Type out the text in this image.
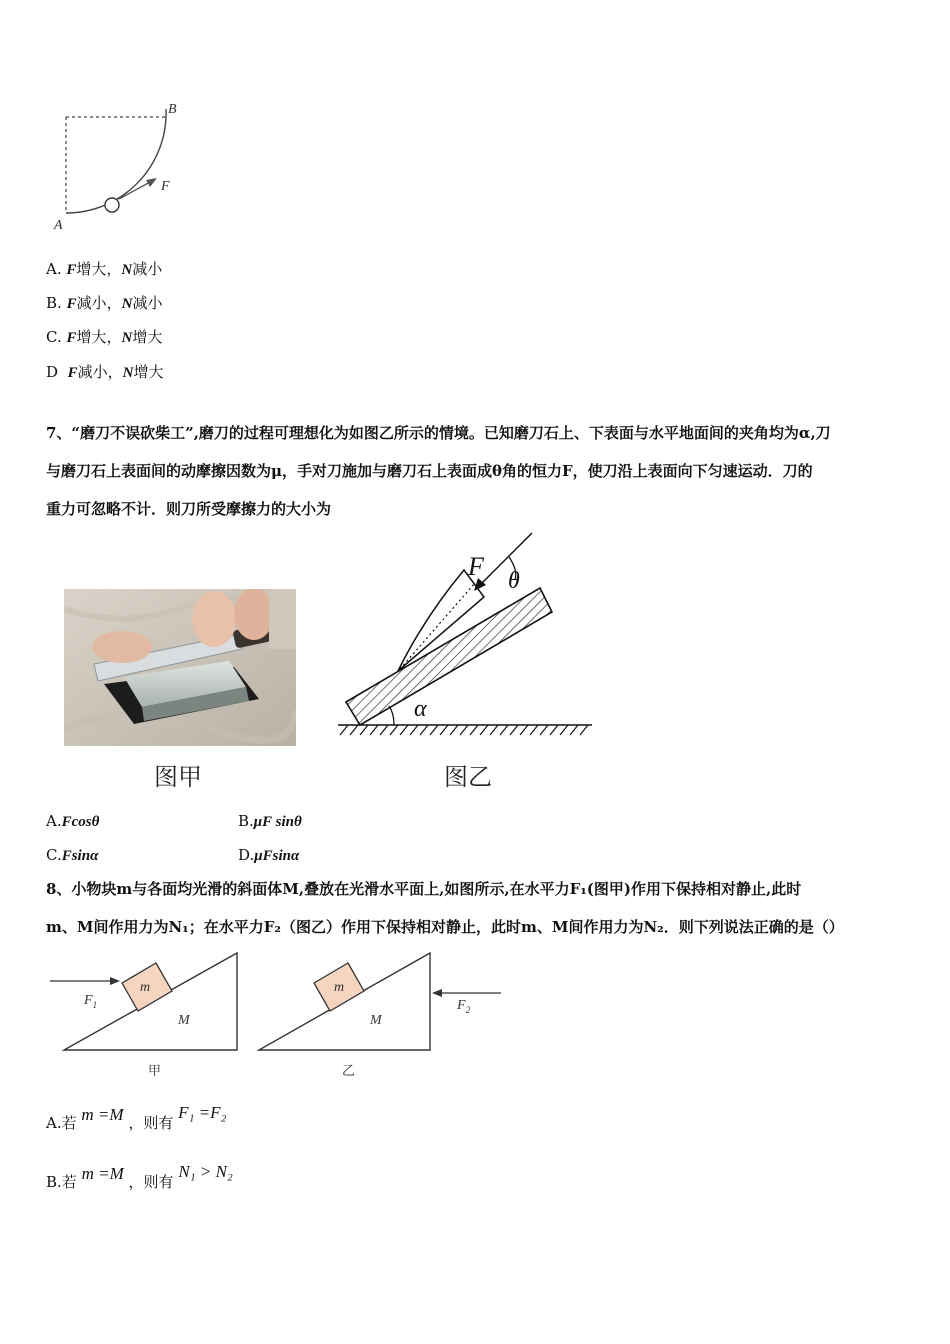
A
B
F
A. F增大，N减小
B. F减小，N减小
C. F增大，N增大
D F减小，N增大
7、“磨刀不误砍柴工”,磨刀的过程可理想化为如图乙所示的情境。已知磨刀石上、下表面与水平地面间的夹角均为α,刀
与磨刀石上表面间的动摩擦因数为μ，手对刀施加与磨刀石上表面成θ角的恒力F，使刀沿上表面向下匀速运动．刀的
重力可忽略不计．则刀所受摩擦力的大小为
图甲
F θ
α
图乙
A.Fcosθ	B.μF sinθ
C.Fsinα	D.μFsinα
8、小物块m与各面均光滑的斜面体M,叠放在光滑水平面上,如图所示,在水平力F₁(图甲)作用下保持相对静止,此时
m、M间作用力为N₁；在水平力F₂（图乙）作用下保持相对静止，此时m、M间作用力为N₂．则下列说法正确的是（）
m
M
$F_1$
甲
m
M
$F_2$
乙
A.若 m =M ，则有 F₁ =F₂
B.若 m =M ，则有 N₁ > N₂
